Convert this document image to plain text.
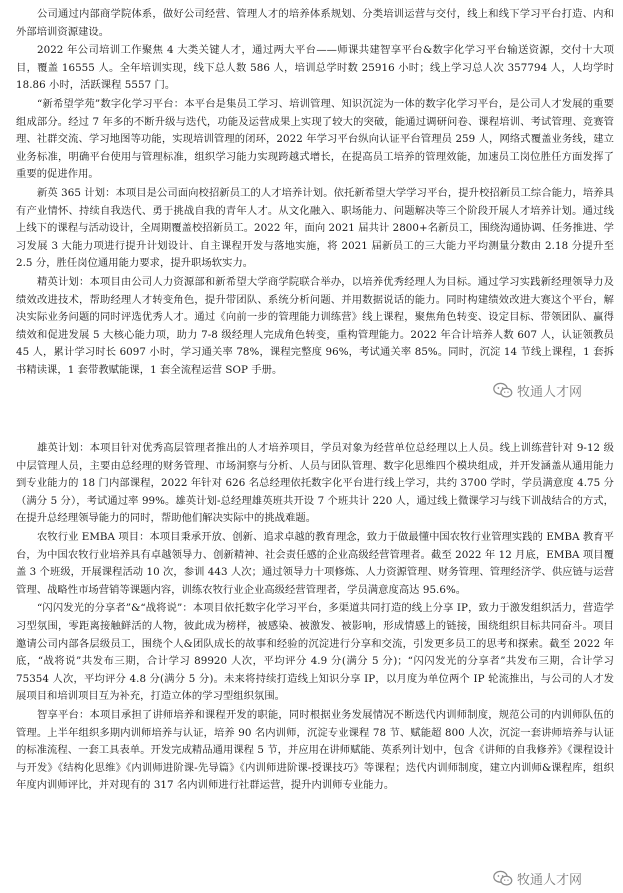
公司通过内部商学院体系，做好公司经营、管理人才的培养体系规划、分类培训运营与交付，线上和线下学习平台打造、内和外部培训资源建设。

2022 年公司培训工作聚焦 4 大类关键人才，通过两大平台——师课共建智享平台&数字化学习平台输送资源，交付十大项目，覆盖 16555 人。全年培训实现，线下总人数 586 人，培训总学时数 25916 小时；线上学习总人次 357794 人，人均学时 18.86 小时，活跃课程 5557 门。

“新希望学苑”数字化学习平台：本平台是集员工学习、培训管理、知识沉淀为一体的数字化学习平台，是公司人才发展的重要组成部分。经过 7 年多的不断升级与迭代，功能及运营成果上实现了较大的突破，能通过调研问卷、课程培训、考试管理、竞赛管理、社群交流、学习地图等功能，实现培训管理的闭环，2022 年学习平台纵向认证平台管理员 259 人，网络式覆盖业务线，建立业务标准，明确平台使用与管理标准，组织学习能力实现跨越式增长，在提高员工培养的管理效能，加速员工岗位胜任方面发挥了重要的促进作用。

新英 365 计划：本项目是公司面向校招新员工的人才培养计划。依托新希望大学学习平台，提升校招新员工综合能力，培养具有产业情怀、持续自我迭代、勇于挑战自我的青年人才。从文化融入、职场能力、问题解决等三个阶段开展人才培养计划。通过线上线下的课程与活动设计，全周期覆盖校招新员工。2022 年，面向 2021 届共计 2800+名新员工，围绕沟通协调、任务推进、学习发展 3 大能力项进行提升计划设计、自主课程开发与落地实施，将 2021 届新员工的三大能力平均测量分数由 2.18 分提升至 2.5 分，胜任岗位通用能力要求，提升职场软实力。

精英计划：本项目由公司人力资源部和新希望大学商学院联合举办，以培养优秀经理人为目标。通过学习实践新经理领导力及绩效改进技术，帮助经理人才转变角色，提升带团队、系统分析问题、并用数据说话的能力。同时构建绩效改进大赛这个平台，解决实际业务问题的同时评选优秀人才。通过《向前一步的管理能力训练营》线上课程，聚焦角色转变、设定目标、带领团队、赢得绩效和促进发展 5 大核心能力项，助力 7-8 级经理人完成角色转变，重构管理能力。2022 年合计培养人数 607 人，认证领教员 45 人，累计学习时长 6097 小时，学习通关率 78%，课程完整度 96%，考试通关率 85%。同时，沉淀 14 节线上课程，1 套拆书精读课，1 套带教赋能课，1 套全流程运营 SOP 手册。

雄英计划：本项目针对优秀高层管理者推出的人才培养项目，学员对象为经营单位总经理以上人员。线上训练营针对 9-12 级中层管理人员，主要由总经理的财务管理、市场洞察与分析、人员与团队管理、数字化思维四个模块组成，并开发涵盖从通用能力到专业能力的 18 门内部课程，2022 年针对 626 名总经理依托数字化平台进行线上学习，共约 3700 学时，学员满意度 4.75 分（满分 5 分），考试通过率 99%。雄英计划-总经理雄英班共开设 7 个班共计 220 人，通过线上微课学习与线下训战结合的方式，在提升总经理领导能力的同时，帮助他们解决实际中的挑战难题。

农牧行业 EMBA 项目：本项目秉承开放、创新、追求卓越的教育理念，致力于做最懂中国农牧行业管理实践的 EMBA 教育平台，为中国农牧行业培养具有卓越领导力、创新精神、社会责任感的企业高级经营管理者。截至 2022 年 12 月底，EMBA 项目覆盖 3 个班级，开展课程活动 10 次，参训 443 人次；通过领导力十项修炼、人力资源管理、财务管理、管理经济学、供应链与运营管理、战略性市场营销等课题内容，训练农牧行业企业高级经营管理者，学员满意度高达 95.6%。

“闪闪发光的分享者”&“战将说”：本项目依托数字化学习平台，多渠道共同打造的线上分享 IP，致力于激发组织活力，营造学习型氛围，零距离接触鲜活的人物，彼此成为榜样，被感染、被激发、被影响，形成情感上的链接，围绕组织目标共同奋斗。项目邀请公司内部各层级员工，围绕个人&团队成长的故事和经验的沉淀进行分享和交流，引发更多员工的思考和探索。截至 2022 年底，“战将说”共发布三期，合计学习 89920 人次，平均评分 4.9 分(满分 5 分)；“闪闪发光的分享者”共发布三期，合计学习 75354 人次，平均评分 4.8 分(满分 5 分)。未来将持续打造线上知识分享 IP，以月度为单位两个 IP 轮流推出，与公司的人才发展项目和培训项目互为补充，打造立体的学习型组织氛围。

智享平台：本项目承担了讲师培养和课程开发的职能，同时根据业务发展情况不断迭代内训师制度，规范公司的内训师队伍的管理。上半年组织多期内训师培养与认证，培养 90 名内训师，沉淀专业课程 78 节、赋能超 800 人次，沉淀一套讲师培养与认证的标准流程、一套工具表单。开发完成精品通用课程 5 节，并应用在讲师赋能、英系列计划中，包含《讲师的自我修养》《课程设计与开发》《结构化思维》《内训师进阶课-先导篇》《内训师进阶课-授课技巧》等课程；迭代内训师制度，建立内训师&课程库，组织年度内训师评比，并对现有的 317 名内训师进行社群运营，提升内训师专业能力。

牧通人才网
牧通人才网
